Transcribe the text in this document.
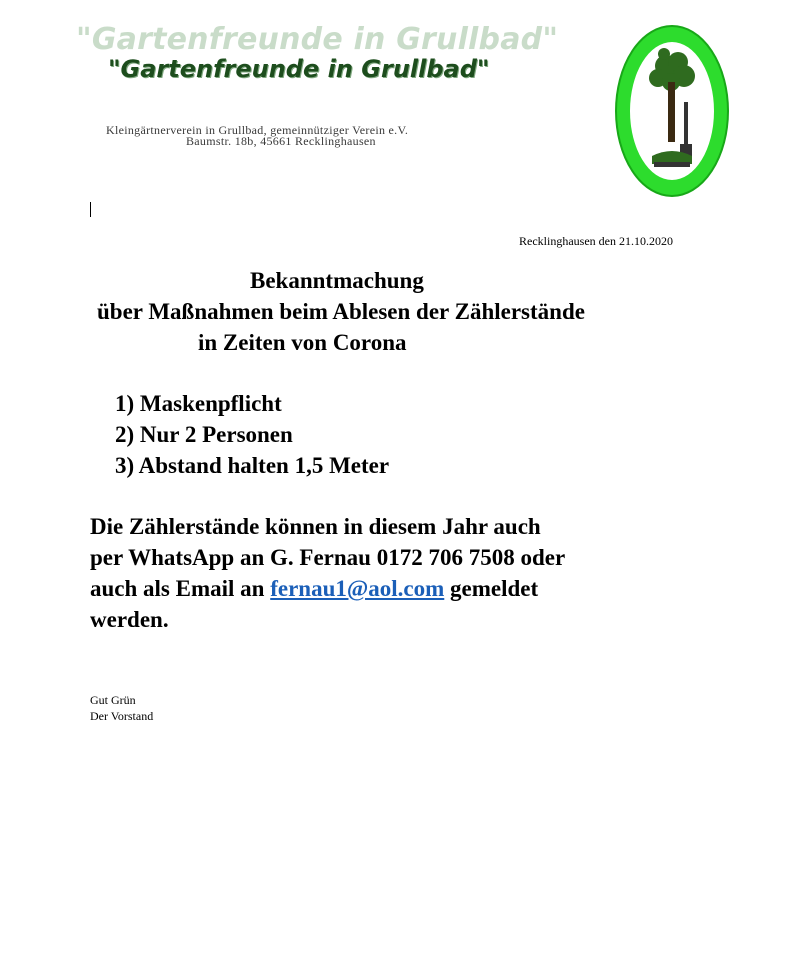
"Gartenfreunde in Grullbad"
"Gartenfreunde in Grullbad"
Kleingärtnerverein in Grullbad, gemeinnütziger Verein e.V.
Baumstr. 18b, 45661 Recklinghausen
Recklinghausen den 21.10.2020
Bekanntmachung
über Maßnahmen beim Ablesen der Zählerstände
in Zeiten von Corona
1) Maskenpflicht
2) Nur 2 Personen
3) Abstand halten 1,5 Meter
Die Zählerstände können in diesem Jahr auch
per WhatsApp an G. Fernau 0172 706 7508 oder
auch als Email an fernau1@aol.com gemeldet
werden.
Gut Grün
Der Vorstand
